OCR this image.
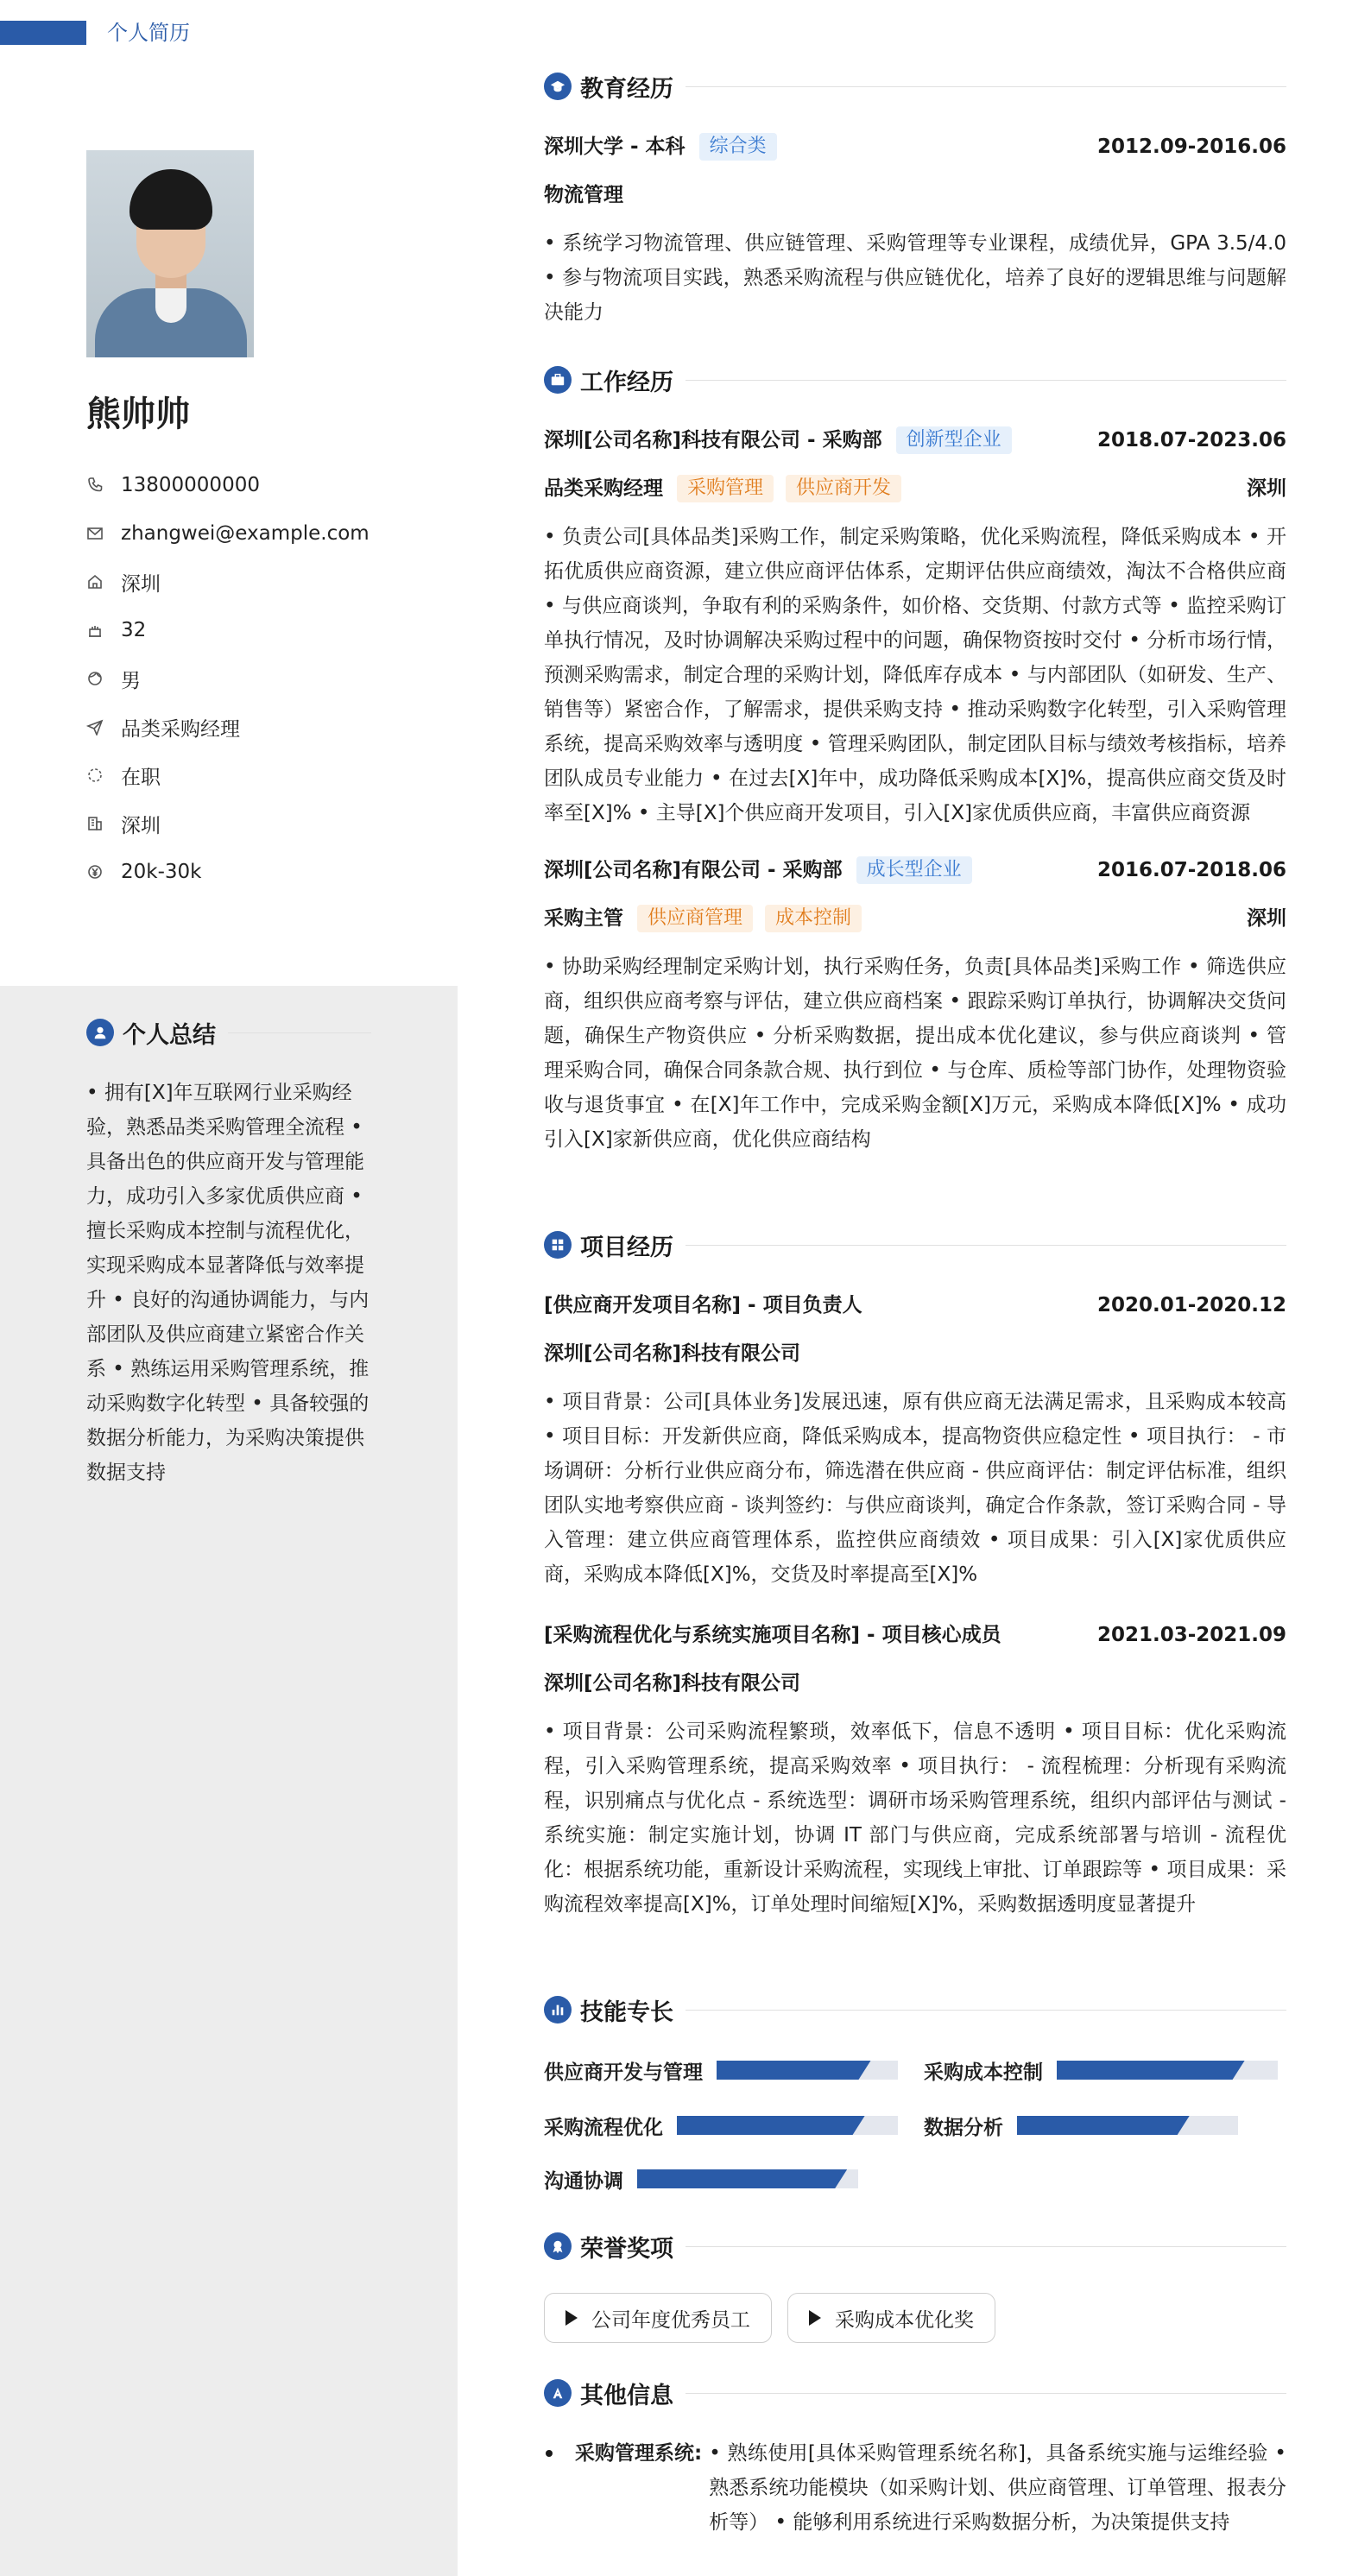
个人简历
熊帅帅
13800000000
zhangwei@example.com
深圳
32
男
品类采购经理
在职
深圳
20k-30k
个人总结
• 拥有[X]年互联网行业采购经验，熟悉品类采购管理全流程 • 具备出色的供应商开发与管理能力，成功引入多家优质供应商 • 擅长采购成本控制与流程优化，实现采购成本显著降低与效率提升 • 良好的沟通协调能力，与内部团队及供应商建立紧密合作关系 • 熟练运用采购管理系统，推动采购数字化转型 • 具备较强的数据分析能力，为采购决策提供数据支持
教育经历
深圳大学 - 本科	综合类	2012.09-2016.06
物流管理
• 系统学习物流管理、供应链管理、采购管理等专业课程，成绩优异，GPA 3.5/4.0 • 参与物流项目实践，熟悉采购流程与供应链优化，培养了良好的逻辑思维与问题解决能力
工作经历
深圳[公司名称]科技有限公司 - 采购部	创新型企业	2018.07-2023.06
品类采购经理	采购管理	供应商开发	深圳
• 负责公司[具体品类]采购工作，制定采购策略，优化采购流程，降低采购成本 • 开拓优质供应商资源，建立供应商评估体系，定期评估供应商绩效，淘汰不合格供应商 • 与供应商谈判，争取有利的采购条件，如价格、交货期、付款方式等 • 监控采购订单执行情况，及时协调解决采购过程中的问题，确保物资按时交付 • 分析市场行情，预测采购需求，制定合理的采购计划，降低库存成本 • 与内部团队（如研发、生产、销售等）紧密合作，了解需求，提供采购支持 • 推动采购数字化转型，引入采购管理系统，提高采购效率与透明度 • 管理采购团队，制定团队目标与绩效考核指标，培养团队成员专业能力 • 在过去[X]年中，成功降低采购成本[X]%，提高供应商交货及时率至[X]% • 主导[X]个供应商开发项目，引入[X]家优质供应商，丰富供应商资源
深圳[公司名称]有限公司 - 采购部	成长型企业	2016.07-2018.06
采购主管	供应商管理	成本控制	深圳
• 协助采购经理制定采购计划，执行采购任务，负责[具体品类]采购工作 • 筛选供应商，组织供应商考察与评估，建立供应商档案 • 跟踪采购订单执行，协调解决交货问题，确保生产物资供应 • 分析采购数据，提出成本优化建议，参与供应商谈判 • 管理采购合同，确保合同条款合规、执行到位 • 与仓库、质检等部门协作，处理物资验收与退货事宜 • 在[X]年工作中，完成采购金额[X]万元，采购成本降低[X]% • 成功引入[X]家新供应商，优化供应商结构
项目经历
[供应商开发项目名称] - 项目负责人	2020.01-2020.12
深圳[公司名称]科技有限公司
• 项目背景：公司[具体业务]发展迅速，原有供应商无法满足需求，且采购成本较高 • 项目目标：开发新供应商，降低采购成本，提高物资供应稳定性 • 项目执行： - 市场调研：分析行业供应商分布，筛选潜在供应商 - 供应商评估：制定评估标准，组织团队实地考察供应商 - 谈判签约：与供应商谈判，确定合作条款，签订采购合同 - 导入管理：建立供应商管理体系，监控供应商绩效 • 项目成果：引入[X]家优质供应商，采购成本降低[X]%，交货及时率提高至[X]%
[采购流程优化与系统实施项目名称] - 项目核心成员	2021.03-2021.09
深圳[公司名称]科技有限公司
• 项目背景：公司采购流程繁琐，效率低下，信息不透明 • 项目目标：优化采购流程，引入采购管理系统，提高采购效率 • 项目执行： - 流程梳理：分析现有采购流程，识别痛点与优化点 - 系统选型：调研市场采购管理系统，组织内部评估与测试 - 系统实施：制定实施计划，协调 IT 部门与供应商，完成系统部署与培训 - 流程优化：根据系统功能，重新设计采购流程，实现线上审批、订单跟踪等 • 项目成果：采购流程效率提高[X]%，订单处理时间缩短[X]%，采购数据透明度显著提升
技能专长
供应商开发与管理	采购成本控制
采购流程优化	数据分析
沟通协调
荣誉奖项
公司年度优秀员工	采购成本优化奖
其他信息
采购管理系统: • 熟练使用[具体采购管理系统名称]，具备系统实施与运维经验 • 熟悉系统功能模块（如采购计划、供应商管理、订单管理、报表分析等） • 能够利用系统进行采购数据分析，为决策提供支持
